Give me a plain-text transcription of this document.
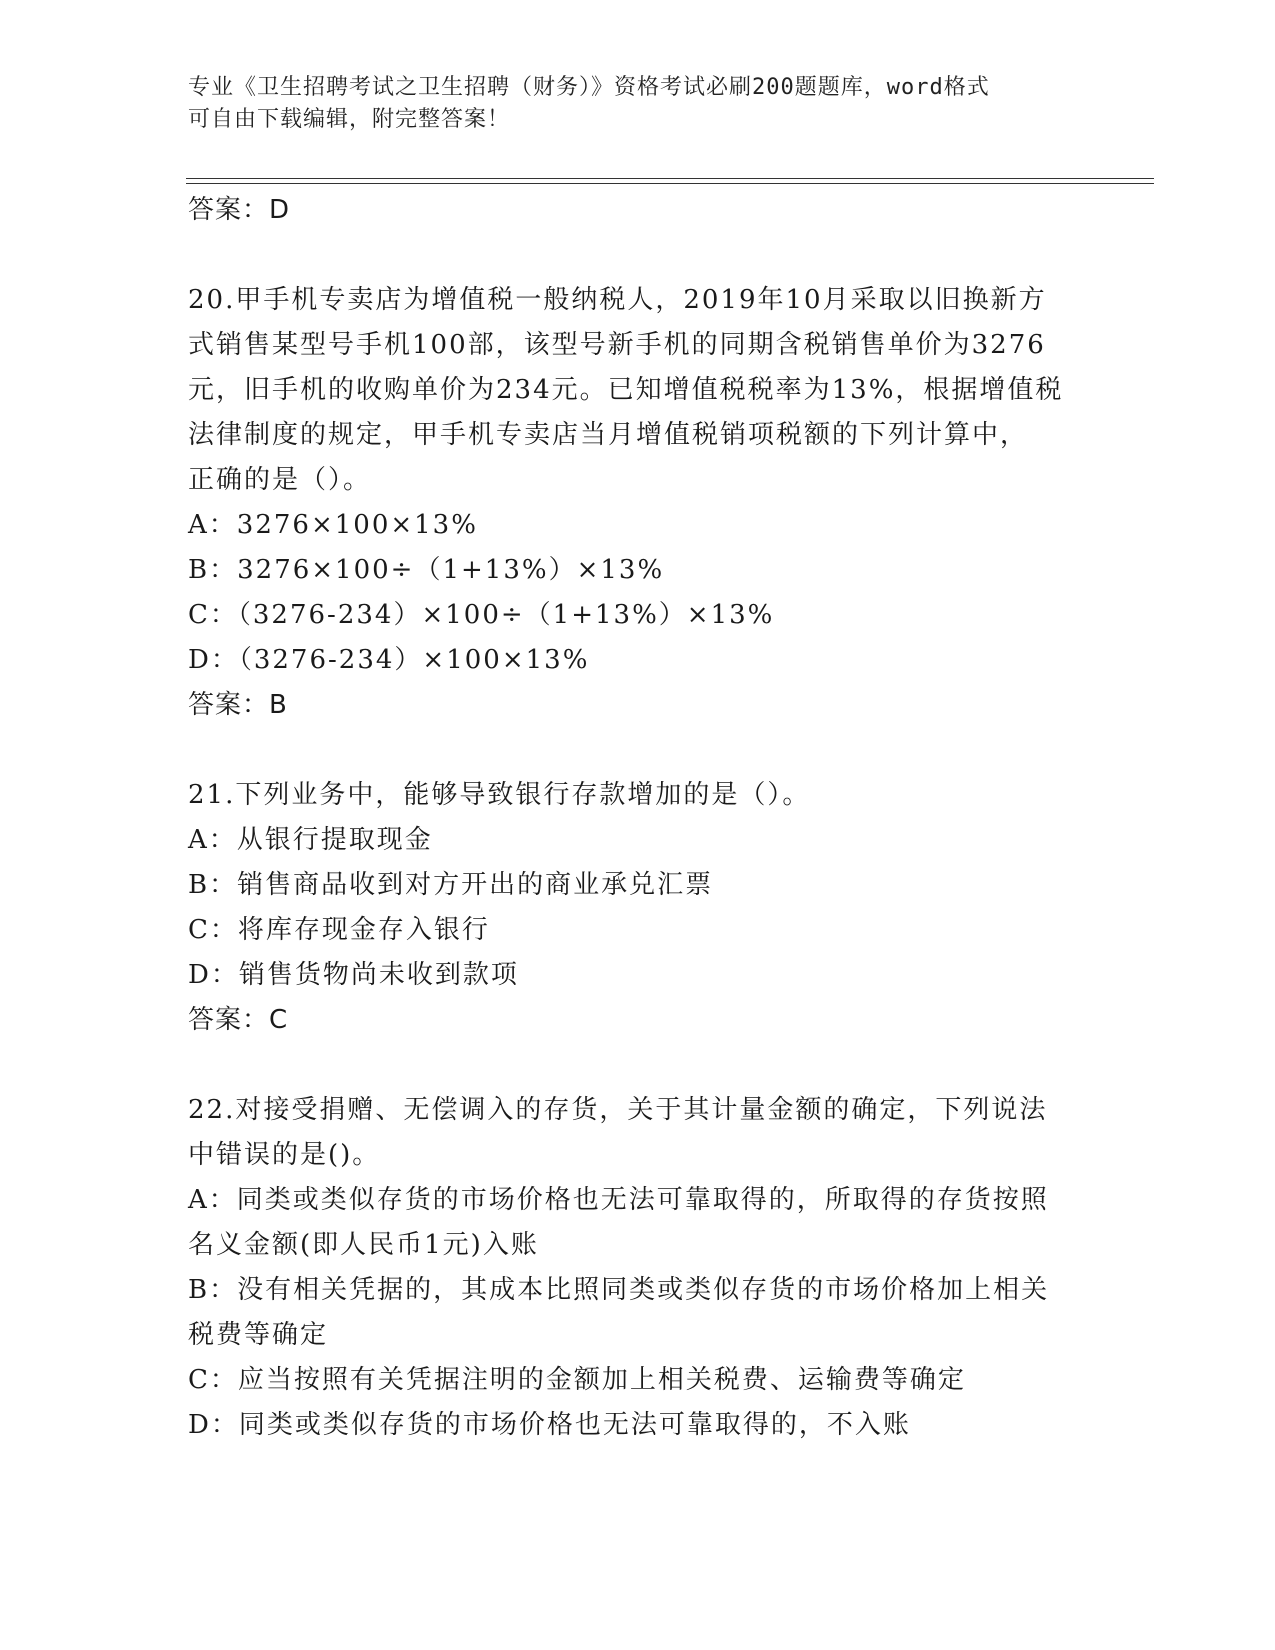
专业《卫生招聘考试之卫生招聘（财务）》资格考试必刷200题题库，word格式
可自由下载编辑，附完整答案！
答案：D
20.甲手机专卖店为增值税一般纳税人，2019年10月采取以旧换新方
式销售某型号手机100部，该型号新手机的同期含税销售单价为3276
元，旧手机的收购单价为234元。已知增值税税率为13%，根据增值税
法律制度的规定，甲手机专卖店当月增值税销项税额的下列计算中，
正确的是（）。
A：3276×100×13%
B：3276×100÷（1+13%）×13%
C：（3276-234）×100÷（1+13%）×13%
D：（3276-234）×100×13%
答案：B
21.下列业务中，能够导致银行存款增加的是（）。
A：从银行提取现金
B：销售商品收到对方开出的商业承兑汇票
C：将库存现金存入银行
D：销售货物尚未收到款项
答案：C
22.对接受捐赠、无偿调入的存货，关于其计量金额的确定，下列说法
中错误的是()。
A：同类或类似存货的市场价格也无法可靠取得的，所取得的存货按照
名义金额(即人民币1元)入账
B：没有相关凭据的，其成本比照同类或类似存货的市场价格加上相关
税费等确定
C：应当按照有关凭据注明的金额加上相关税费、运输费等确定
D：同类或类似存货的市场价格也无法可靠取得的，不入账
